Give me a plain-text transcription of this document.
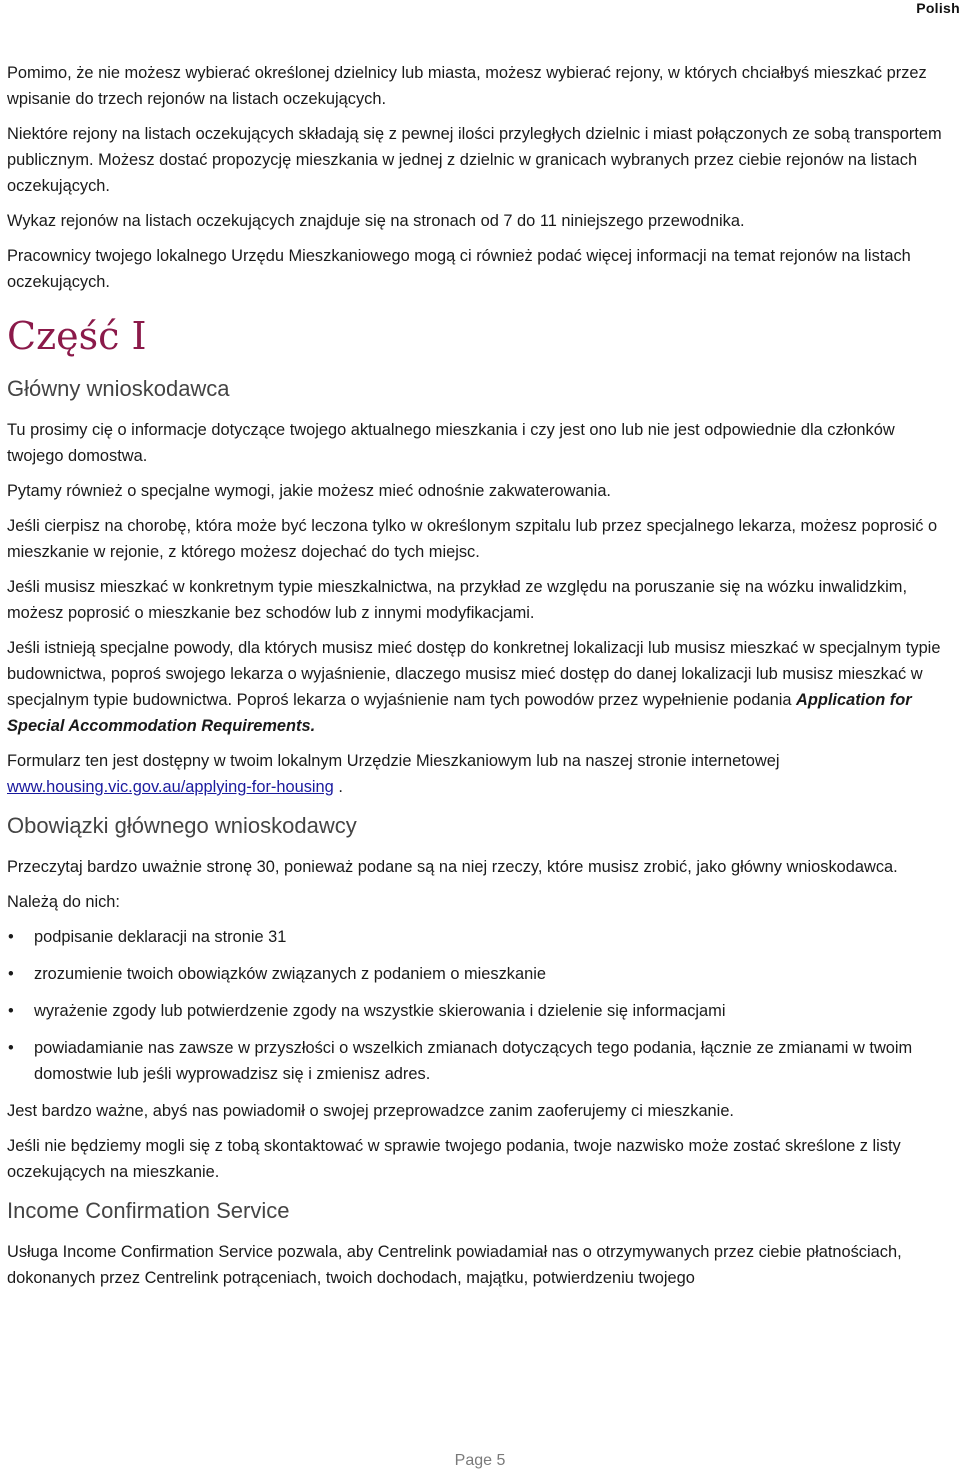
Polish

Pomimo, że nie możesz wybierać określonej dzielnicy lub miasta, możesz wybierać rejony, w których chciałbyś mieszkać przez wpisanie do trzech rejonów na listach oczekujących.

Niektóre rejony na listach oczekujących składają się z pewnej ilości przyległych dzielnic i miast połączonych ze sobą transportem publicznym. Możesz dostać propozycję mieszkania w jednej z dzielnic w granicach wybranych przez ciebie rejonów na listach oczekujących.

Wykaz rejonów na listach oczekujących znajduje się na stronach od 7 do 11 niniejszego przewodnika.

Pracownicy twojego lokalnego Urzędu Mieszkaniowego mogą ci również podać więcej informacji na temat rejonów na listach oczekujących.

Część I
Główny wnioskodawca

Tu prosimy cię o informacje dotyczące twojego aktualnego mieszkania i czy jest ono lub nie jest odpowiednie dla członków twojego domostwa.

Pytamy również o specjalne wymogi, jakie możesz mieć odnośnie zakwaterowania.

Jeśli cierpisz na chorobę, która może być leczona tylko w określonym szpitalu lub przez specjalnego lekarza, możesz poprosić o mieszkanie w rejonie, z którego możesz dojechać do tych miejsc.

Jeśli musisz mieszkać w konkretnym typie mieszkalnictwa, na przykład ze względu na poruszanie się na wózku inwalidzkim, możesz poprosić o mieszkanie bez schodów lub z innymi modyfikacjami.

Jeśli istnieją specjalne powody, dla których musisz mieć dostęp do konkretnej lokalizacji lub musisz mieszkać w specjalnym typie budownictwa, poproś swojego lekarza o wyjaśnienie, dlaczego musisz mieć dostęp do danej lokalizacji lub musisz mieszkać w specjalnym typie budownictwa. Poproś lekarza o wyjaśnienie nam tych powodów przez wypełnienie podania Application for Special Accommodation Requirements.

Formularz ten jest dostępny w twoim lokalnym Urzędzie Mieszkaniowym lub na naszej stronie internetowej www.housing.vic.gov.au/applying-for-housing .

Obowiązki głównego wnioskodawcy

Przeczytaj bardzo uważnie stronę 30, ponieważ podane są na niej rzeczy, które musisz zrobić, jako główny wnioskodawca.

Należą do nich:

• podpisanie deklaracji na stronie 31
• zrozumienie twoich obowiązków związanych z podaniem o mieszkanie
• wyrażenie zgody lub potwierdzenie zgody na wszystkie skierowania i dzielenie się informacjami
• powiadamianie nas zawsze w przyszłości o wszelkich zmianach dotyczących tego podania, łącznie ze zmianami w twoim domostwie lub jeśli wyprowadzisz się i zmienisz adres.

Jest bardzo ważne, abyś nas powiadomił o swojej przeprowadzce zanim zaoferujemy ci mieszkanie.

Jeśli nie będziemy mogli się z tobą skontaktować w sprawie twojego podania, twoje nazwisko może zostać skreślone z listy oczekujących na mieszkanie.

Income Confirmation Service

Usługa Income Confirmation Service pozwala, aby Centrelink powiadamiał nas o otrzymywanych przez ciebie płatnościach, dokonanych przez Centrelink potrąceniach, twoich dochodach, majątku, potwierdzeniu twojego

Page 5
